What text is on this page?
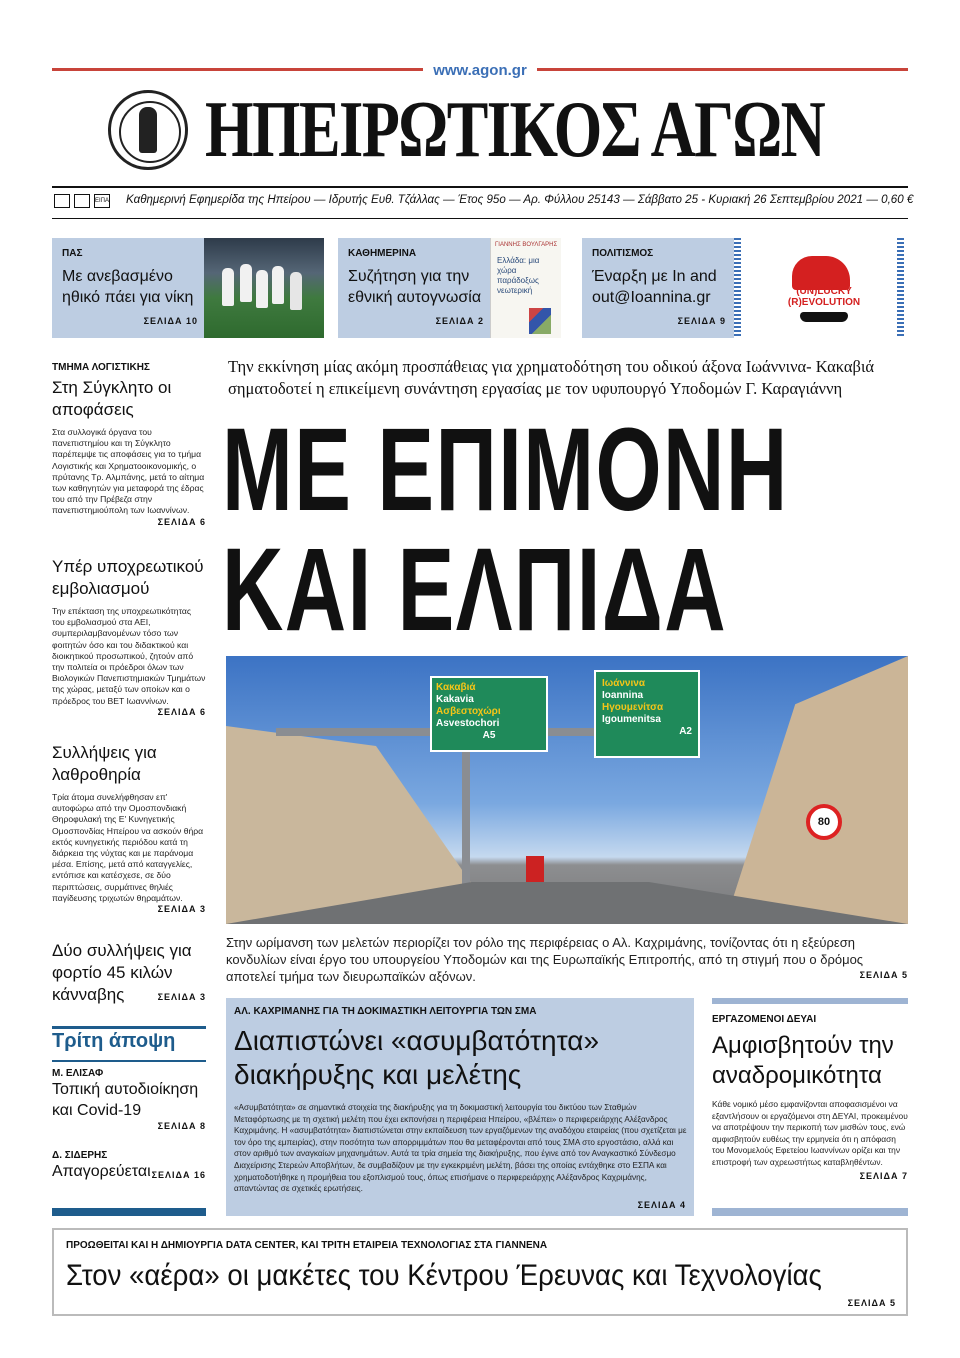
www.agon.gr
ΗΠΕΙΡΩΤΙΚΟΣ ΑΓΩΝ
ΕΙΠΑ Καθημερινή Εφημερίδα της Ηπείρου — Ιδρυτής Ευθ. Τζάλλας — Έτος 95ο — Αρ. Φύλλου 25143 — Σάββατο 25 - Κυριακή 26 Σεπτεμβρίου 2021 — 0,60 €
ΠΑΣ
Με ανεβασμένο ηθικό πάει για νίκη
ΣΕΛΙΔΑ 10
ΚΑΘΗΜΕΡΙΝΑ
Συζήτηση για την εθνική αυτογνωσία
ΣΕΛΙΔΑ 2
ΓΙΑΝΝΗΣ ΒΟΥΛΓΑΡΗΣ
Ελλάδα: μια χώρα παράδοξως νεωτερική
ΠΟΛΙΤΙΣΜΟΣ
Έναρξη με In and out@Ioannina.gr
ΣΕΛΙΔΑ 9
(UN)LUCKY
(R)EVOLUTION
ΤΜΗΜΑ ΛΟΓΙΣΤΙΚΗΣ
Στη Σύγκλητο οι αποφάσεις
Στα συλλογικά όργανα του πανεπιστημίου και τη Σύγκλητο παρέπεμψε τις αποφάσεις για το τμήμα Λογιστικής και Χρηματοοικονομικής, ο πρύτανης Τρ. Αλμπάνης, μετά το αίτημα των καθηγητών για μεταφορά της έδρας του από την Πρέβεζα στην πανεπιστημιούπολη των Ιωαννίνων.
ΣΕΛΙΔΑ 6
Υπέρ υποχρεωτικού εμβολιασμού
Την επέκταση της υποχρεωτικότητας του εμβολιασμού στα ΑΕΙ, συμπεριλαμβανομένων τόσο των φοιτητών όσο και του διδακτικού και διοικητικού προσωπικού, ζητούν από την πολιτεία οι πρόεδροι όλων των Βιολογικών Πανεπιστημιακών Τμημάτων της χώρας, μεταξύ των οποίων και ο πρόεδρος του ΒΕΤ Ιωαννίνων.
ΣΕΛΙΔΑ 6
Συλλήψεις για λαθροθηρία
Τρία άτομα συνελήφθησαν επ' αυτοφώρω από την Ομοσπονδιακή Θηροφυλακή της Ε' Κυνηγετικής Ομοσπονδίας Ηπείρου να ασκούν θήρα εκτός κυνηγετικής περιόδου κατά τη διάρκεια της νύχτας και με παράνομα μέσα. Επίσης, μετά από καταγγελίες, εντόπισε και κατέσχεσε, σε δύο περιπτώσεις, συρμάτινες θηλιές παγίδευσης τριχωτών θηραμάτων.
ΣΕΛΙΔΑ 3
Δύο συλλήψεις για φορτίο 45 κιλών κάνναβης	ΣΕΛΙΔΑ 3
Τρίτη άποψη
Μ. ΕΛΙΣΑΦ
Τοπική αυτοδιοίκηση και Covid-19
ΣΕΛΙΔΑ 8
Δ. ΣΙΔΕΡΗΣ
Απαγορεύεται ΣΕΛΙΔΑ 16
Την εκκίνηση μίας ακόμη προσπάθειας για χρηματοδότηση του οδικού άξονα Ιωάννινα- Κακαβιά σηματοδοτεί η επικείμενη συνάντηση εργασίας με τον υφυπουργό Υποδομών Γ. Καραγιάννη
ΜΕ ΕΠΙΜΟΝΗ
ΚΑΙ ΕΛΠΙΔΑ
Κακαβιά
Kakavia
Ασβεστοχώρι
Asvestochori
A5
Ιωάννινα
Ioannina
Ηγουμενίτσα
Igoumenitsa
A2
80
Στην ωρίμανση των μελετών περιορίζει τον ρόλο της περιφέρειας ο Αλ. Καχριμάνης, τονίζοντας ότι η εξεύρεση κονδυλίων είναι έργο του υπουργείου Υποδομών και της Ευρωπαϊκής Επιτροπής, από τη στιγμή που ο δρόμος αποτελεί τμήμα των διευρωπαϊκών αξόνων.	ΣΕΛΙΔΑ 5
ΑΛ. ΚΑΧΡΙΜΑΝΗΣ ΓΙΑ ΤΗ ΔΟΚΙΜΑΣΤΙΚΗ ΛΕΙΤΟΥΡΓΙΑ ΤΩΝ ΣΜΑ
Διαπιστώνει «ασυμβατότητα» διακήρυξης και μελέτης
«Ασυμβατότητα» σε σημαντικά στοιχεία της διακήρυξης για τη δοκιμαστική λειτουργία του δικτύου των Σταθμών Μεταφόρτωσης με τη σχετική μελέτη που έχει εκπονήσει η περιφέρεια Ηπείρου, «βλέπει» ο περιφερειάρχης Αλέξανδρος Καχριμάνης. Η «ασυμβατότητα» διαπιστώνεται στην εκπαίδευση των εργαζόμενων της αναδόχου εταιρείας (που σχετίζεται με τον όρο της εμπειρίας), στην ποσότητα των απορριμμάτων που θα μεταφέρονται από τους ΣΜΑ στο εργοστάσιο, αλλά και στον αριθμό των αναγκαίων μηχανημάτων. Αυτά τα τρία σημεία της διακήρυξης, που έγινε από τον Αναγκαστικό Σύνδεσμο Διαχείρισης Στερεών Αποβλήτων, δε συμβαδίζουν με την εγκεκριμένη μελέτη, βάσει της οποίας εντάχθηκε στο ΕΣΠΑ και χρηματοδοτήθηκε η προμήθεια του εξοπλισμού τους, όπως επισήμανε ο περιφερειάρχης Αλέξανδρος Καχριμάνης, απαντώντας σε σχετικές ερωτήσεις.
ΣΕΛΙΔΑ 4
ΕΡΓΑΖΟΜΕΝΟΙ ΔΕΥΑΙ
Αμφισβητούν την αναδρομικότητα
Κάθε νομικό μέσο εμφανίζονται αποφασισμένοι να εξαντλήσουν οι εργαζόμενοι στη ΔΕΥΑΙ, προκειμένου να αποτρέψουν την περικοπή των μισθών τους, ενώ αμφισβητούν ευθέως την ερμηνεία ότι η απόφαση του Μονομελούς Εφετείου Ιωαννίνων ορίζει και την επιστροφή των αχρεωστήτως καταβληθέντων.
ΣΕΛΙΔΑ 7
ΠΡΟΩΘΕΙΤΑΙ ΚΑΙ Η ΔΗΜΙΟΥΡΓΙΑ DATA CENTER, ΚΑΙ ΤΡΙΤΗ ΕΤΑΙΡΕΙΑ ΤΕΧΝΟΛΟΓΙΑΣ ΣΤΑ ΓΙΑΝΝΕΝΑ
Στον «αέρα» οι μακέτες του Κέντρου Έρευνας και Τεχνολογίας
ΣΕΛΙΔΑ 5
